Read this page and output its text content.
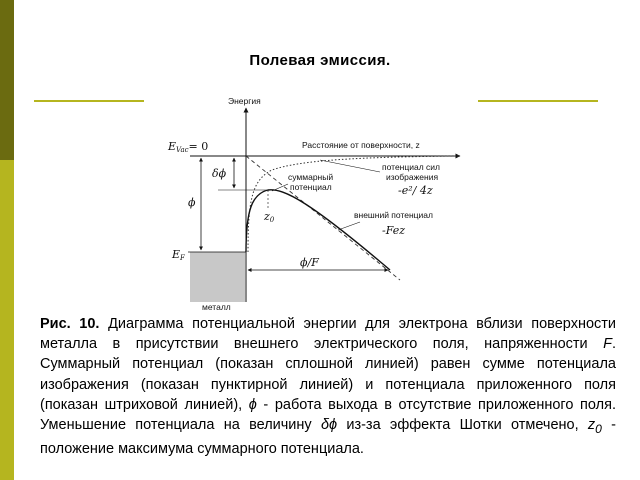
Полевая эмиссия.
металл
Энергия
Расстояние от поверхности, z
EVac= 0
EF
ϕ
δϕ
z0
ϕ/F
потенциал сил
изображения
-e²/ 4z
суммарный
потенциал
внешний потенциал
-Fez
Рис. 10. Диаграмма потенциальной энергии для электрона вблизи поверхности металла в присутствии внешнего электрического поля, напряженности F. Суммарный потенциал (показан сплошной линией) равен сумме потенциала изображения (показан пунктирной линией) и потенциала приложенного поля (показан штриховой линией), ϕ - работа выхода в отсутствие приложенного поля. Уменьшение потенциала на величину δϕ из-за эффекта Шотки отмечено, $z_0$ - положение максимума суммарного потенциала.
